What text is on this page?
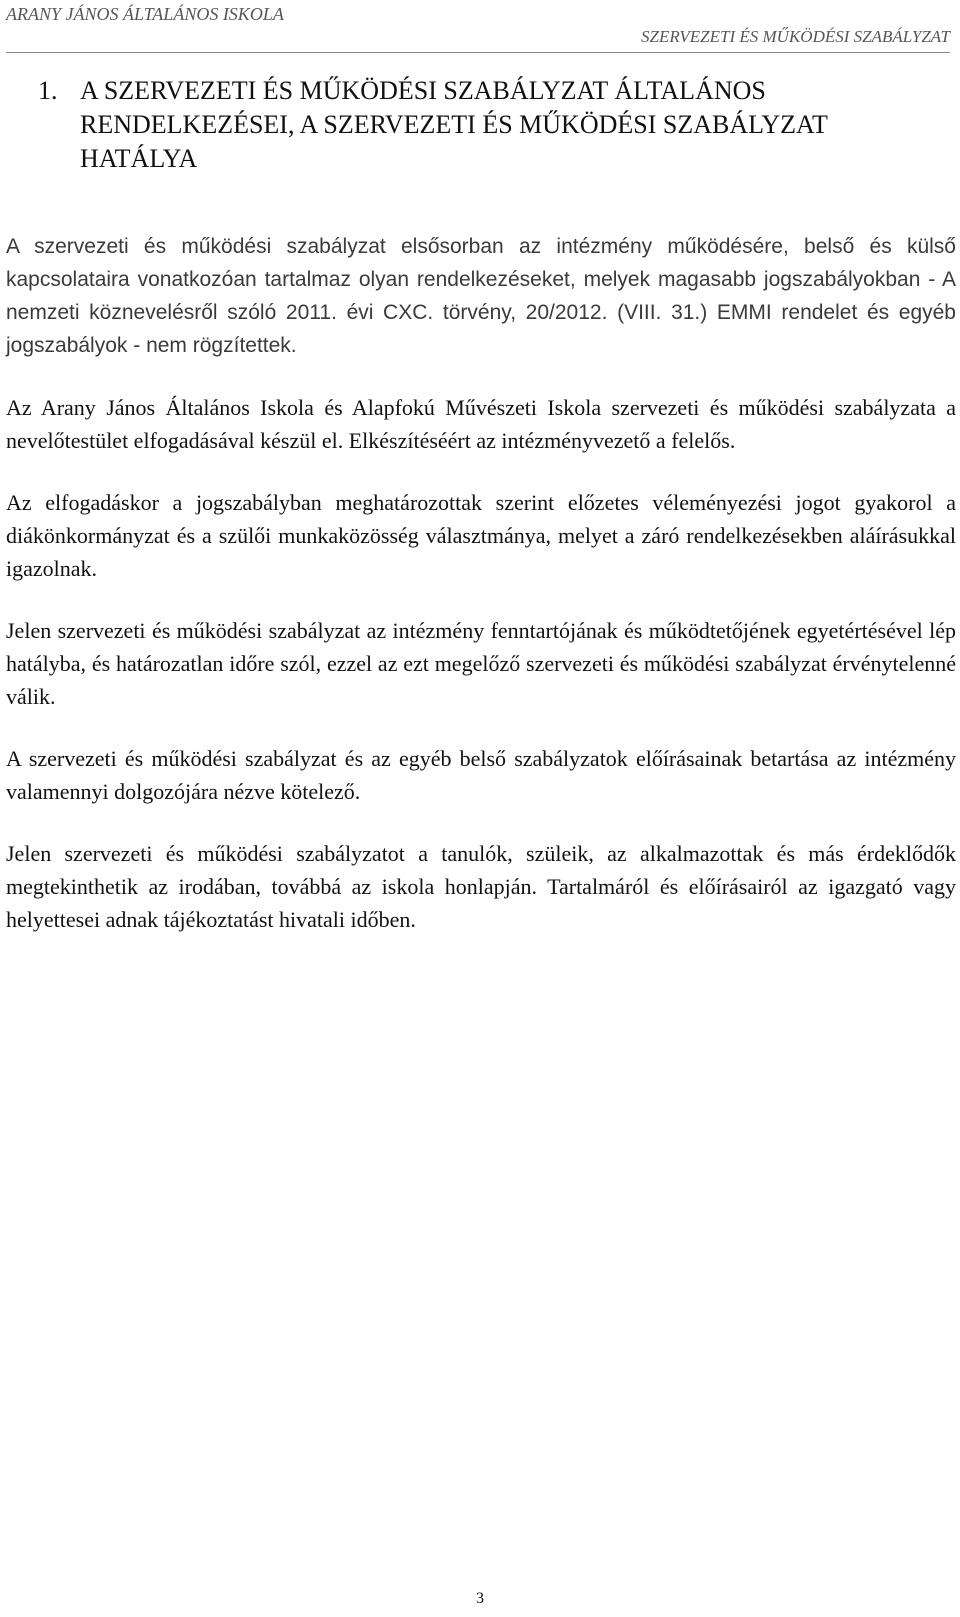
ARANY JÁNOS ÁLTALÁNOS ISKOLA
SZERVEZETI ÉS MŰKÖDÉSI SZABÁLYZAT
1. A SZERVEZETI ÉS MŰKÖDÉSI SZABÁLYZAT ÁLTALÁNOS RENDELKEZÉSEI, A SZERVEZETI ÉS MŰKÖDÉSI SZABÁLYZAT HATÁLYA

A szervezeti és működési szabályzat elsősorban az intézmény működésére, belső és külső kapcsolataira vonatkozóan tartalmaz olyan rendelkezéseket, melyek magasabb jogszabályokban - A nemzeti köznevelésről szóló 2011. évi CXC. törvény, 20/2012. (VIII. 31.) EMMI rendelet és egyéb jogszabályok - nem rögzítettek.

Az Arany János Általános Iskola és Alapfokú Művészeti Iskola szervezeti és működési szabályzata a nevelőtestület elfogadásával készül el. Elkészítéséért az intézményvezető a felelős.

Az elfogadáskor a jogszabályban meghatározottak szerint előzetes véleményezési jogot gyakorol a diákönkormányzat és a szülői munkaközösség választmánya, melyet a záró rendelkezésekben aláírásukkal igazolnak.

Jelen szervezeti és működési szabályzat az intézmény fenntartójának és működtetőjének egyetértésével lép hatályba, és határozatlan időre szól, ezzel az ezt megelőző szervezeti és működési szabályzat érvénytelenné válik.

A szervezeti és működési szabályzat és az egyéb belső szabályzatok előírásainak betartása az intézmény valamennyi dolgozójára nézve kötelező.

Jelen szervezeti és működési szabályzatot a tanulók, szüleik, az alkalmazottak és más érdeklődők megtekinthetik az irodában, továbbá az iskola honlapján. Tartalmáról és előírásairól az igazgató vagy helyettesei adnak tájékoztatást hivatali időben.

3
